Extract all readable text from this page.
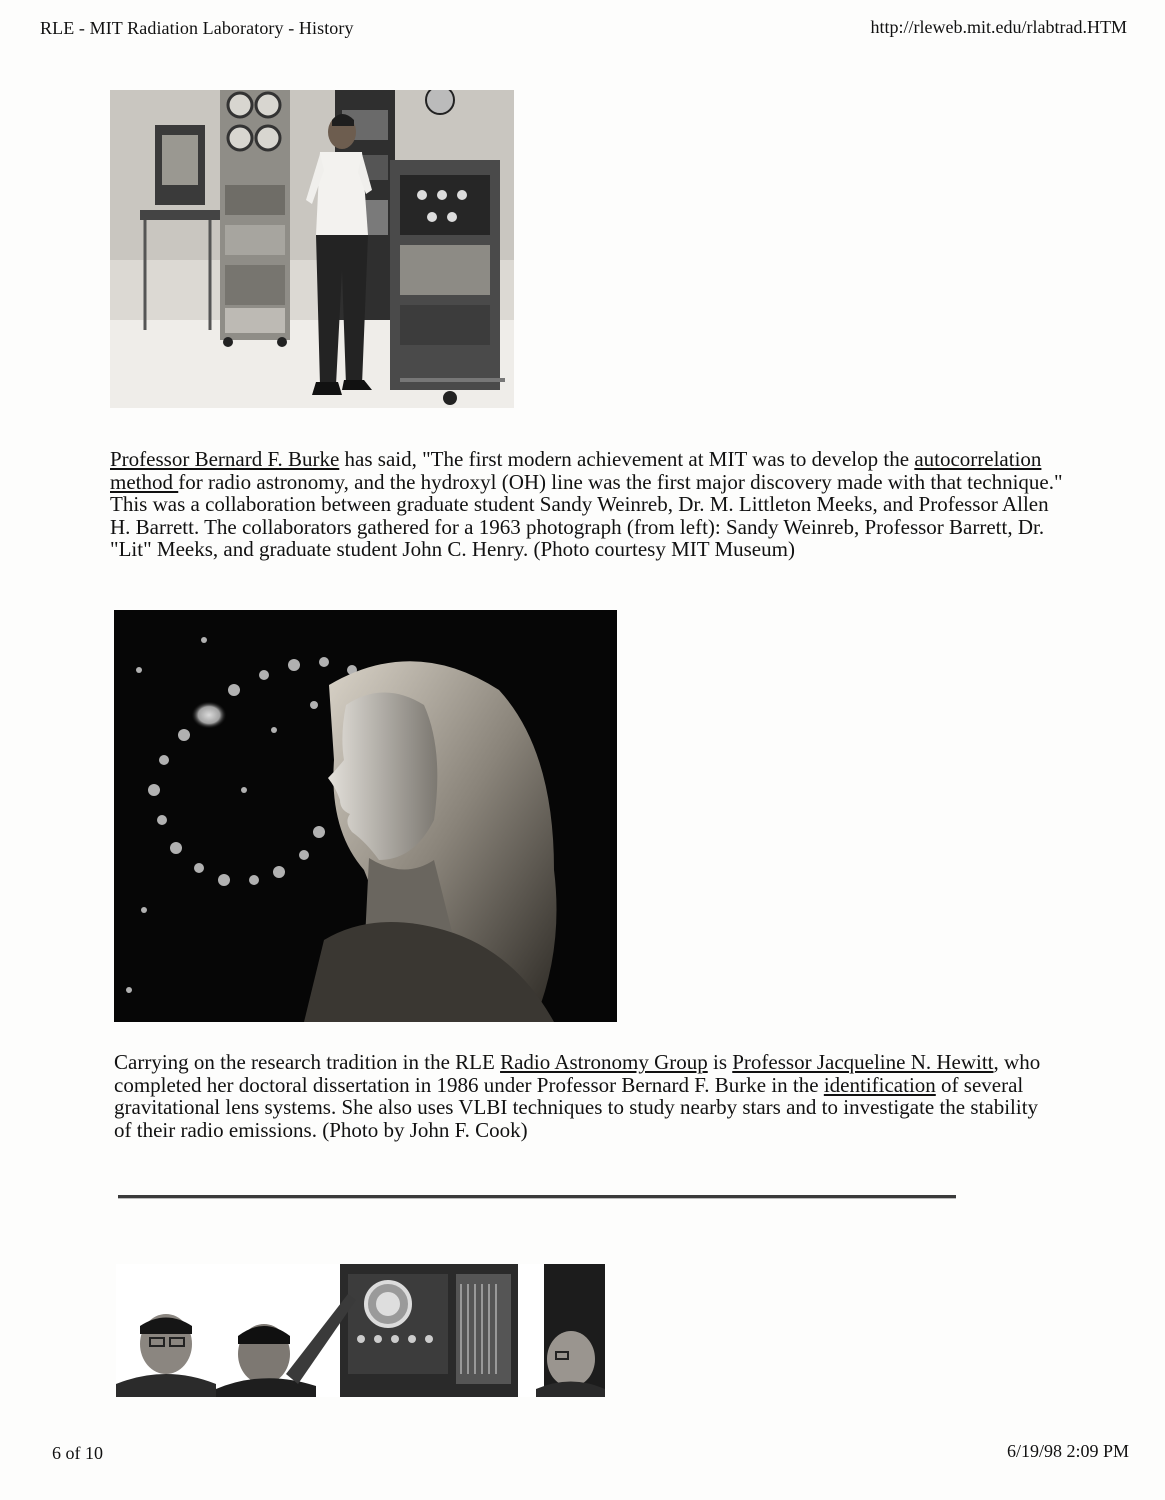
RLE - MIT Radiation Laboratory - History	http://rleweb.mit.edu/rlabtrad.HTM
Professor Bernard F. Burke has said, "The first modern achievement at MIT was to develop the autocorrelation method for radio astronomy, and the hydroxyl (OH) line was the first major discovery made with that technique." This was a collaboration between graduate student Sandy Weinreb, Dr. M. Littleton Meeks, and Professor Allen H. Barrett. The collaborators gathered for a 1963 photograph (from left): Sandy Weinreb, Professor Barrett, Dr. "Lit" Meeks, and graduate student John C. Henry. (Photo courtesy MIT Museum)
Carrying on the research tradition in the RLE Radio Astronomy Group is Professor Jacqueline N. Hewitt, who completed her doctoral dissertation in 1986 under Professor Bernard F. Burke in the identification of several gravitational lens systems. She also uses VLBI techniques to study nearby stars and to investigate the stability of their radio emissions. (Photo by John F. Cook)
6 of 10	6/19/98 2:09 PM
